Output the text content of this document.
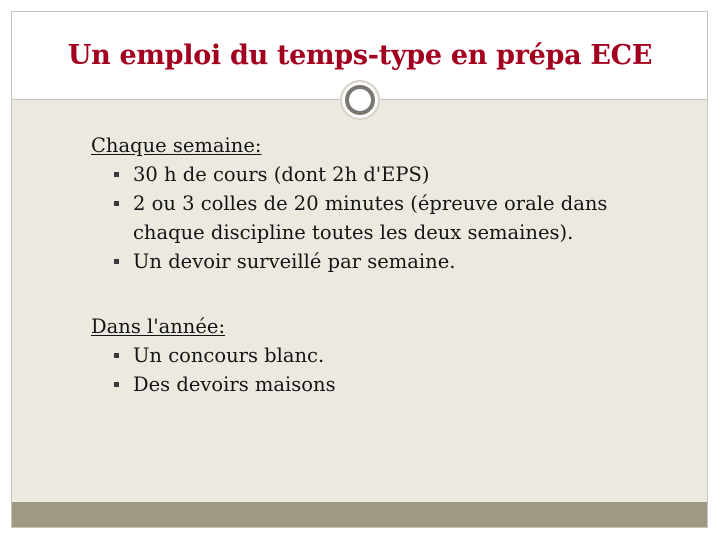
Un emploi du temps-type en prépa ECE

Chaque semaine:

30 h de cours (dont 2h d'EPS)
2 ou 3 colles de 20 minutes (épreuve orale dans chaque discipline toutes les deux semaines).
Un devoir surveillé par semaine.

Dans l'année:

Un concours blanc.
Des devoirs maisons
